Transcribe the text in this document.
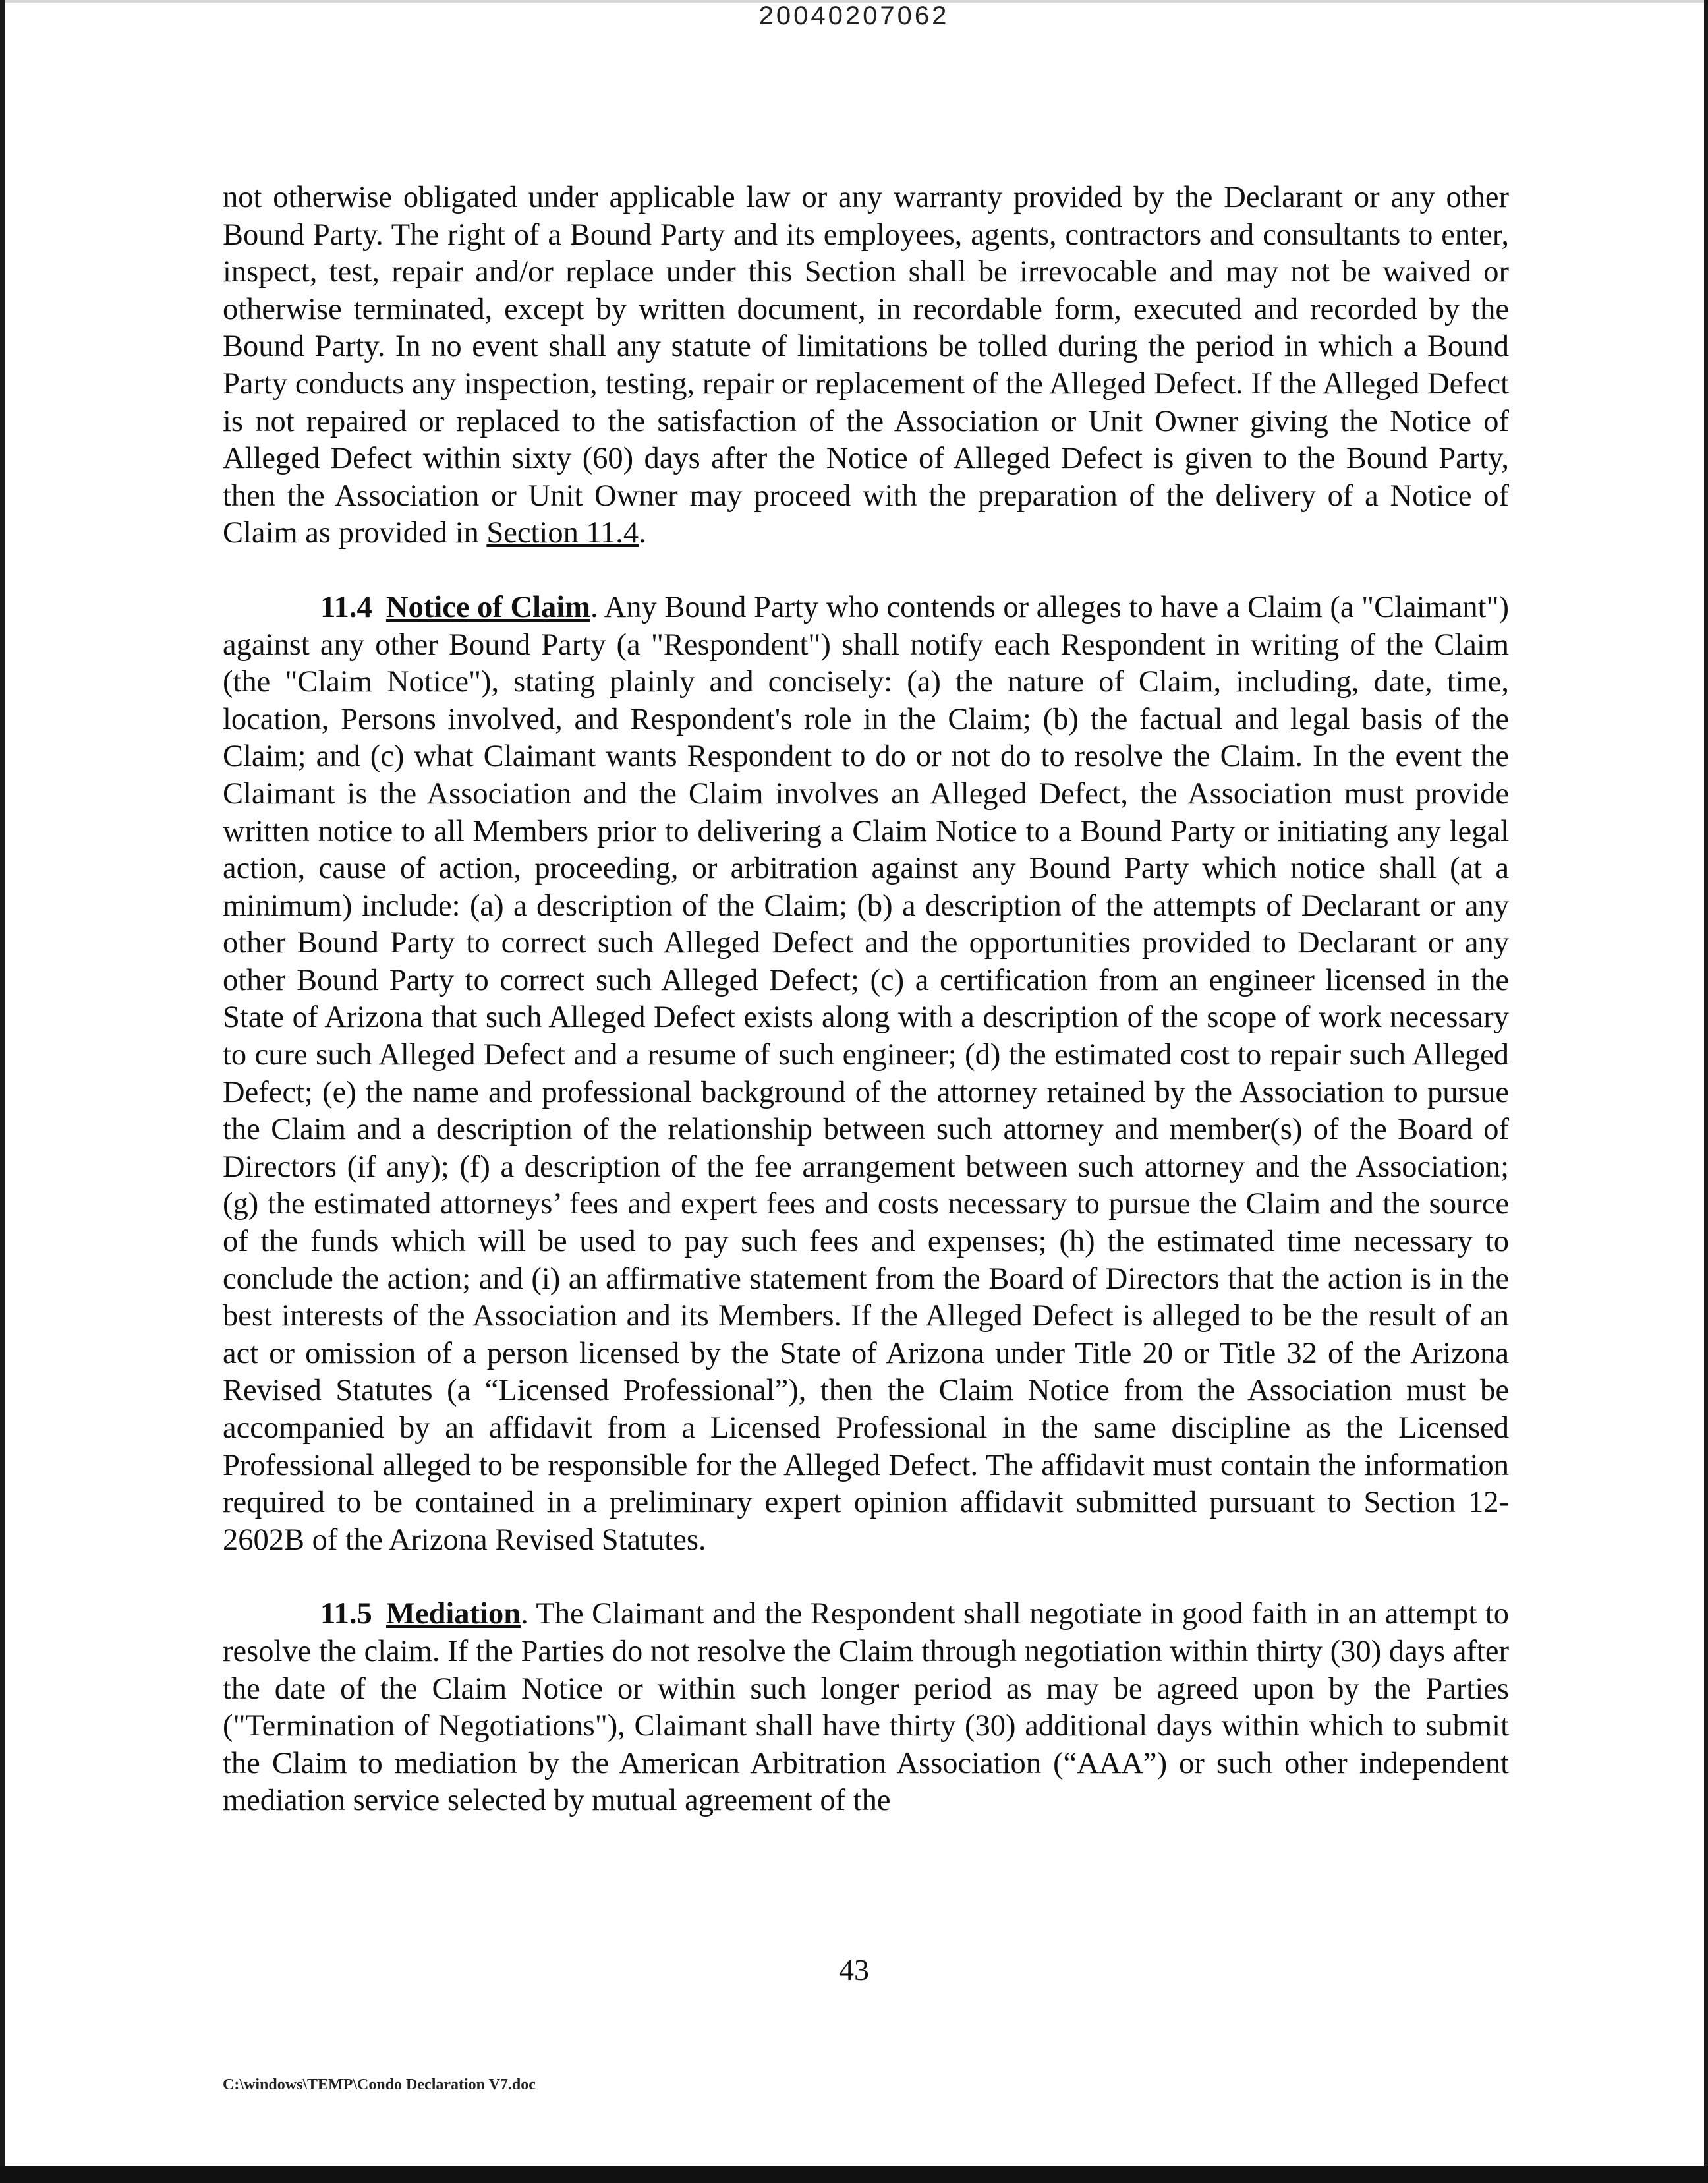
20040207062

not otherwise obligated under applicable law or any warranty provided by the Declarant or any other Bound Party. The right of a Bound Party and its employees, agents, contractors and consultants to enter, inspect, test, repair and/or replace under this Section shall be irrevocable and may not be waived or otherwise terminated, except by written document, in recordable form, executed and recorded by the Bound Party. In no event shall any statute of limitations be tolled during the period in which a Bound Party conducts any inspection, testing, repair or replacement of the Alleged Defect. If the Alleged Defect is not repaired or replaced to the satisfaction of the Association or Unit Owner giving the Notice of Alleged Defect within sixty (60) days after the Notice of Alleged Defect is given to the Bound Party, then the Association or Unit Owner may proceed with the preparation of the delivery of a Notice of Claim as provided in Section 11.4.

11.4 Notice of Claim. Any Bound Party who contends or alleges to have a Claim (a "Claimant") against any other Bound Party (a "Respondent") shall notify each Respondent in writing of the Claim (the "Claim Notice"), stating plainly and concisely: (a) the nature of Claim, including, date, time, location, Persons involved, and Respondent's role in the Claim; (b) the factual and legal basis of the Claim; and (c) what Claimant wants Respondent to do or not do to resolve the Claim. In the event the Claimant is the Association and the Claim involves an Alleged Defect, the Association must provide written notice to all Members prior to delivering a Claim Notice to a Bound Party or initiating any legal action, cause of action, proceeding, or arbitration against any Bound Party which notice shall (at a minimum) include: (a) a description of the Claim; (b) a description of the attempts of Declarant or any other Bound Party to correct such Alleged Defect and the opportunities provided to Declarant or any other Bound Party to correct such Alleged Defect; (c) a certification from an engineer licensed in the State of Arizona that such Alleged Defect exists along with a description of the scope of work necessary to cure such Alleged Defect and a resume of such engineer; (d) the estimated cost to repair such Alleged Defect; (e) the name and professional background of the attorney retained by the Association to pursue the Claim and a description of the relationship between such attorney and member(s) of the Board of Directors (if any); (f) a description of the fee arrangement between such attorney and the Association; (g) the estimated attorneys’ fees and expert fees and costs necessary to pursue the Claim and the source of the funds which will be used to pay such fees and expenses; (h) the estimated time necessary to conclude the action; and (i) an affirmative statement from the Board of Directors that the action is in the best interests of the Association and its Members. If the Alleged Defect is alleged to be the result of an act or omission of a person licensed by the State of Arizona under Title 20 or Title 32 of the Arizona Revised Statutes (a “Licensed Professional”), then the Claim Notice from the Association must be accompanied by an affidavit from a Licensed Professional in the same discipline as the Licensed Professional alleged to be responsible for the Alleged Defect. The affidavit must contain the information required to be contained in a preliminary expert opinion affidavit submitted pursuant to Section 12-2602B of the Arizona Revised Statutes.

11.5 Mediation. The Claimant and the Respondent shall negotiate in good faith in an attempt to resolve the claim. If the Parties do not resolve the Claim through negotiation within thirty (30) days after the date of the Claim Notice or within such longer period as may be agreed upon by the Parties ("Termination of Negotiations"), Claimant shall have thirty (30) additional days within which to submit the Claim to mediation by the American Arbitration Association (“AAA”) or such other independent mediation service selected by mutual agreement of the

43
C:\windows\TEMP\Condo Declaration V7.doc
